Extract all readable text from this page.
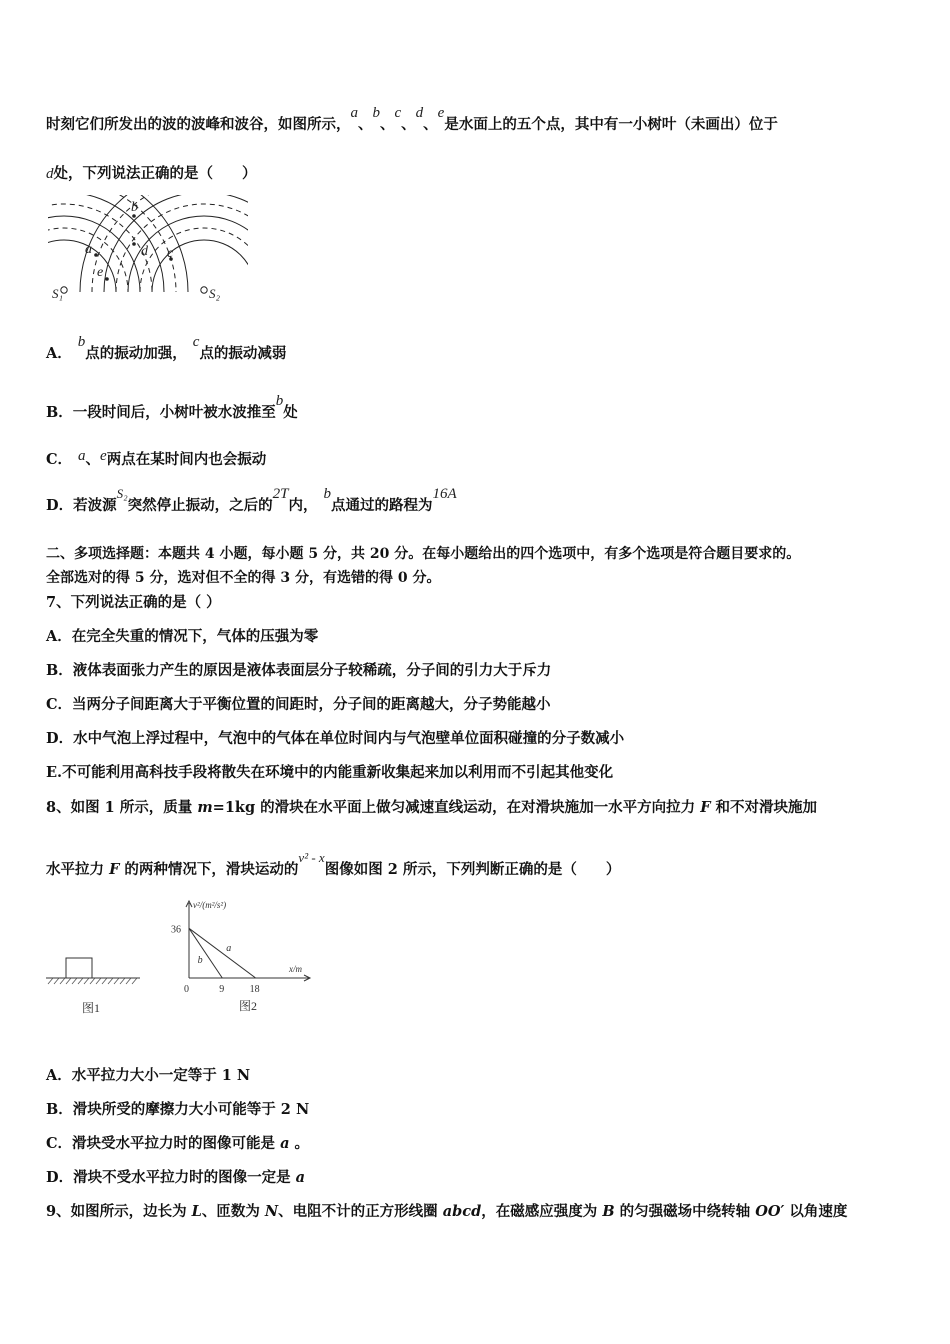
时刻它们所发出的波的波峰和波谷，如图所示，a、b、c、d、e是水面上的五个点，其中有一小树叶（未画出）位于
d处，下列说法正确的是（　　）
b
a
e
d c
S₁	S₂
A．b点的振动加强，c点的振动减弱
B．一段时间后，小树叶被水波推至b处
C． a、e两点在某时间内也会振动
D．若波源S₂突然停止振动，之后的2T内，b点通过的路程为16A
二、多项选择题：本题共 4 小题，每小题 5 分，共 20 分。在每小题给出的四个选项中，有多个选项是符合题目要求的。
全部选对的得 5 分，选对但不全的得 3 分，有选错的得 0 分。
7、下列说法正确的是（ ）
A．在完全失重的情况下，气体的压强为零
B．液体表面张力产生的原因是液体表面层分子较稀疏，分子间的引力大于斥力
C．当两分子间距离大于平衡位置的间距时，分子间的距离越大，分子势能越小
D．水中气泡上浮过程中，气泡中的气体在单位时间内与气泡壁单位面积碰撞的分子数减小
E.不可能利用高科技手段将散失在环境中的内能重新收集起来加以利用而不引起其他变化
8、如图 1 所示，质量 m=1kg 的滑块在水平面上做匀减速直线运动，在对滑块施加一水平方向拉力 F 和不对滑块施加
水平拉力 F 的两种情况下，滑块运动的v² - x图像如图 2 所示，下列判断正确的是（　　）
图1
v²/(m²/s²)
x/m
0	9	18
36
图2
a
b
A．水平拉力大小一定等于 1 N
B．滑块所受的摩擦力大小可能等于 2 N
C．滑块受水平拉力时的图像可能是 a 。
D．滑块不受水平拉力时的图像一定是 a
9、如图所示，边长为 L、匝数为 N、电阻不计的正方形线圈 abcd，在磁感应强度为 B 的匀强磁场中绕转轴 OO′ 以角速度
